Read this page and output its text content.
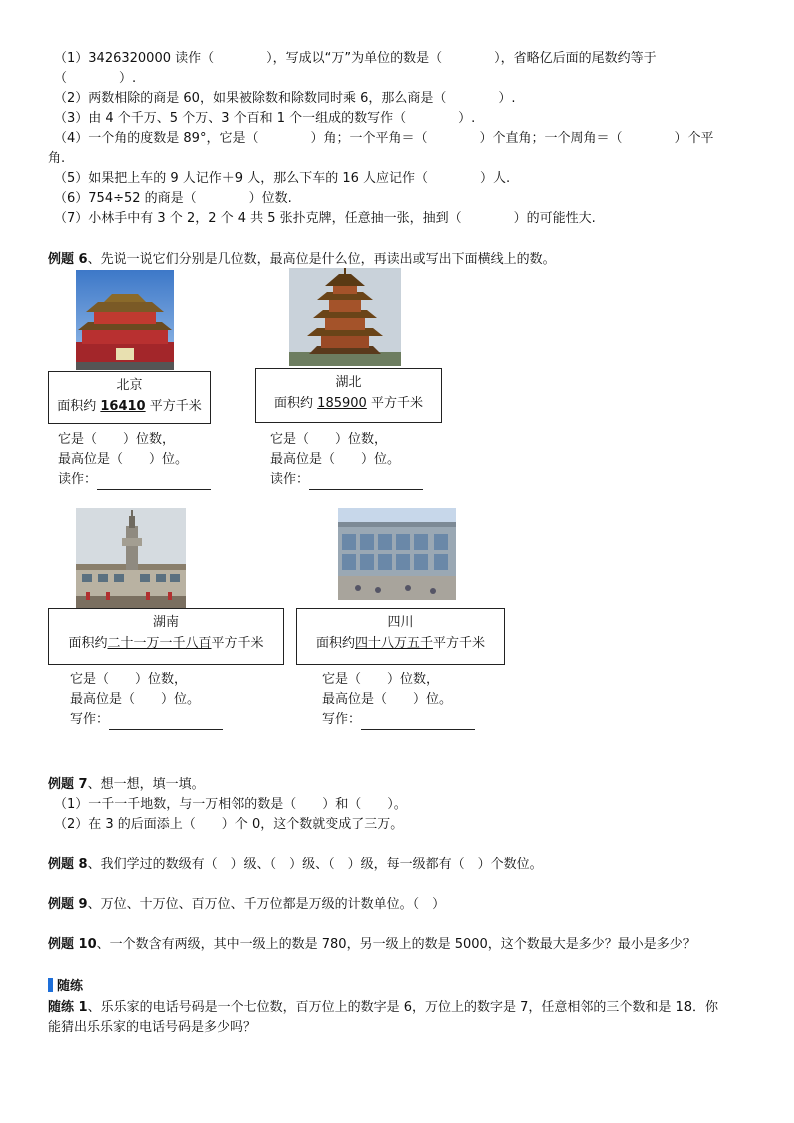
（1）3426320000 读作（　　　　），写成以“万”为单位的数是（　　　　），省略亿后面的尾数约等于
（　　　　）.
（2）两数相除的商是 60，如果被除数和除数同时乘 6，那么商是（　　　　）.
（3）由 4 个千万、5 个万、3 个百和 1 个一组成的数写作（　　　　）.
（4）一个角的度数是 89°，它是（　　　　）角；一个平角＝（　　　　）个直角；一个周角＝（　　　　）个平
角.
（5）如果把上车的 9 人记作＋9 人，那么下车的 16 人应记作（　　　　）人.
（6）754÷52 的商是（　　　　）位数.
（7）小林手中有 3 个 2，2 个 4 共 5 张扑克牌，任意抽一张，抽到（　　　　）的可能性大.
例题 6、先说一说它们分别是几位数，最高位是什么位，再读出或写出下面横线上的数。
北京
面积约 16410 平方千米
湖北
面积约 185900 平方千米
它是（　　）位数，
最高位是（　　）位。
读作：
它是（　　）位数，
最高位是（　　）位。
读作：
湖南
面积约二十一万一千八百平方千米
四川
面积约四十八万五千平方千米
它是（　　）位数，
最高位是（　　）位。
写作：
它是（　　）位数，
最高位是（　　）位。
写作：
例题 7、想一想，填一填。
（1）一千一千地数，与一万相邻的数是（　　）和（　　）。
（2）在 3 的后面添上（　　）个 0，这个数就变成了三万。
例题 8、我们学过的数级有（　）级、（　）级、（　）级，每一级都有（　）个数位。
例题 9、万位、十万位、百万位、千万位都是万级的计数单位。（　）
例题 10、一个数含有两级，其中一级上的数是 780，另一级上的数是 5000，这个数最大是多少？最小是多少？
随练
随练 1、乐乐家的电话号码是一个七位数，百万位上的数字是 6，万位上的数字是 7，任意相邻的三个数和是 18．你
能猜出乐乐家的电话号码是多少吗？
